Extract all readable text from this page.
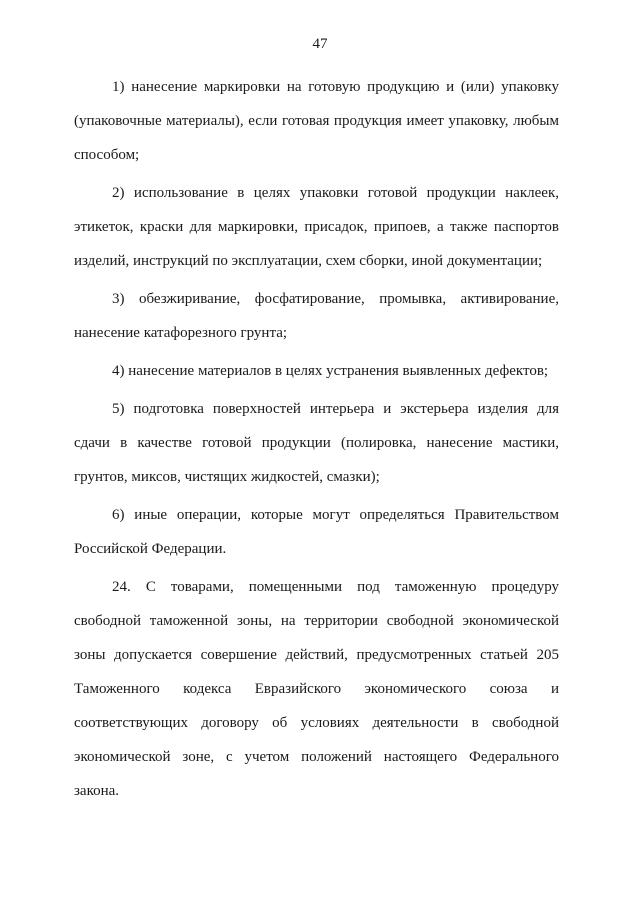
47

1) нанесение маркировки на готовую продукцию и (или) упаковку (упаковочные материалы), если готовая продукция имеет упаковку, любым способом;

2) использование в целях упаковки готовой продукции наклеек, этикеток, краски для маркировки, присадок, припоев, а также паспортов изделий, инструкций по эксплуатации, схем сборки, иной документации;

3) обезжиривание, фосфатирование, промывка, активирование, нанесение катафорезного грунта;

4) нанесение материалов в целях устранения выявленных дефектов;

5) подготовка поверхностей интерьера и экстерьера изделия для сдачи в качестве готовой продукции (полировка, нанесение мастики, грунтов, миксов, чистящих жидкостей, смазки);

6) иные операции, которые могут определяться Правительством Российской Федерации.

24. С товарами, помещенными под таможенную процедуру свободной таможенной зоны, на территории свободной экономической зоны допускается совершение действий, предусмотренных статьей 205 Таможенного кодекса Евразийского экономического союза и соответствующих договору об условиях деятельности в свободной экономической зоне, с учетом положений настоящего Федерального закона.
